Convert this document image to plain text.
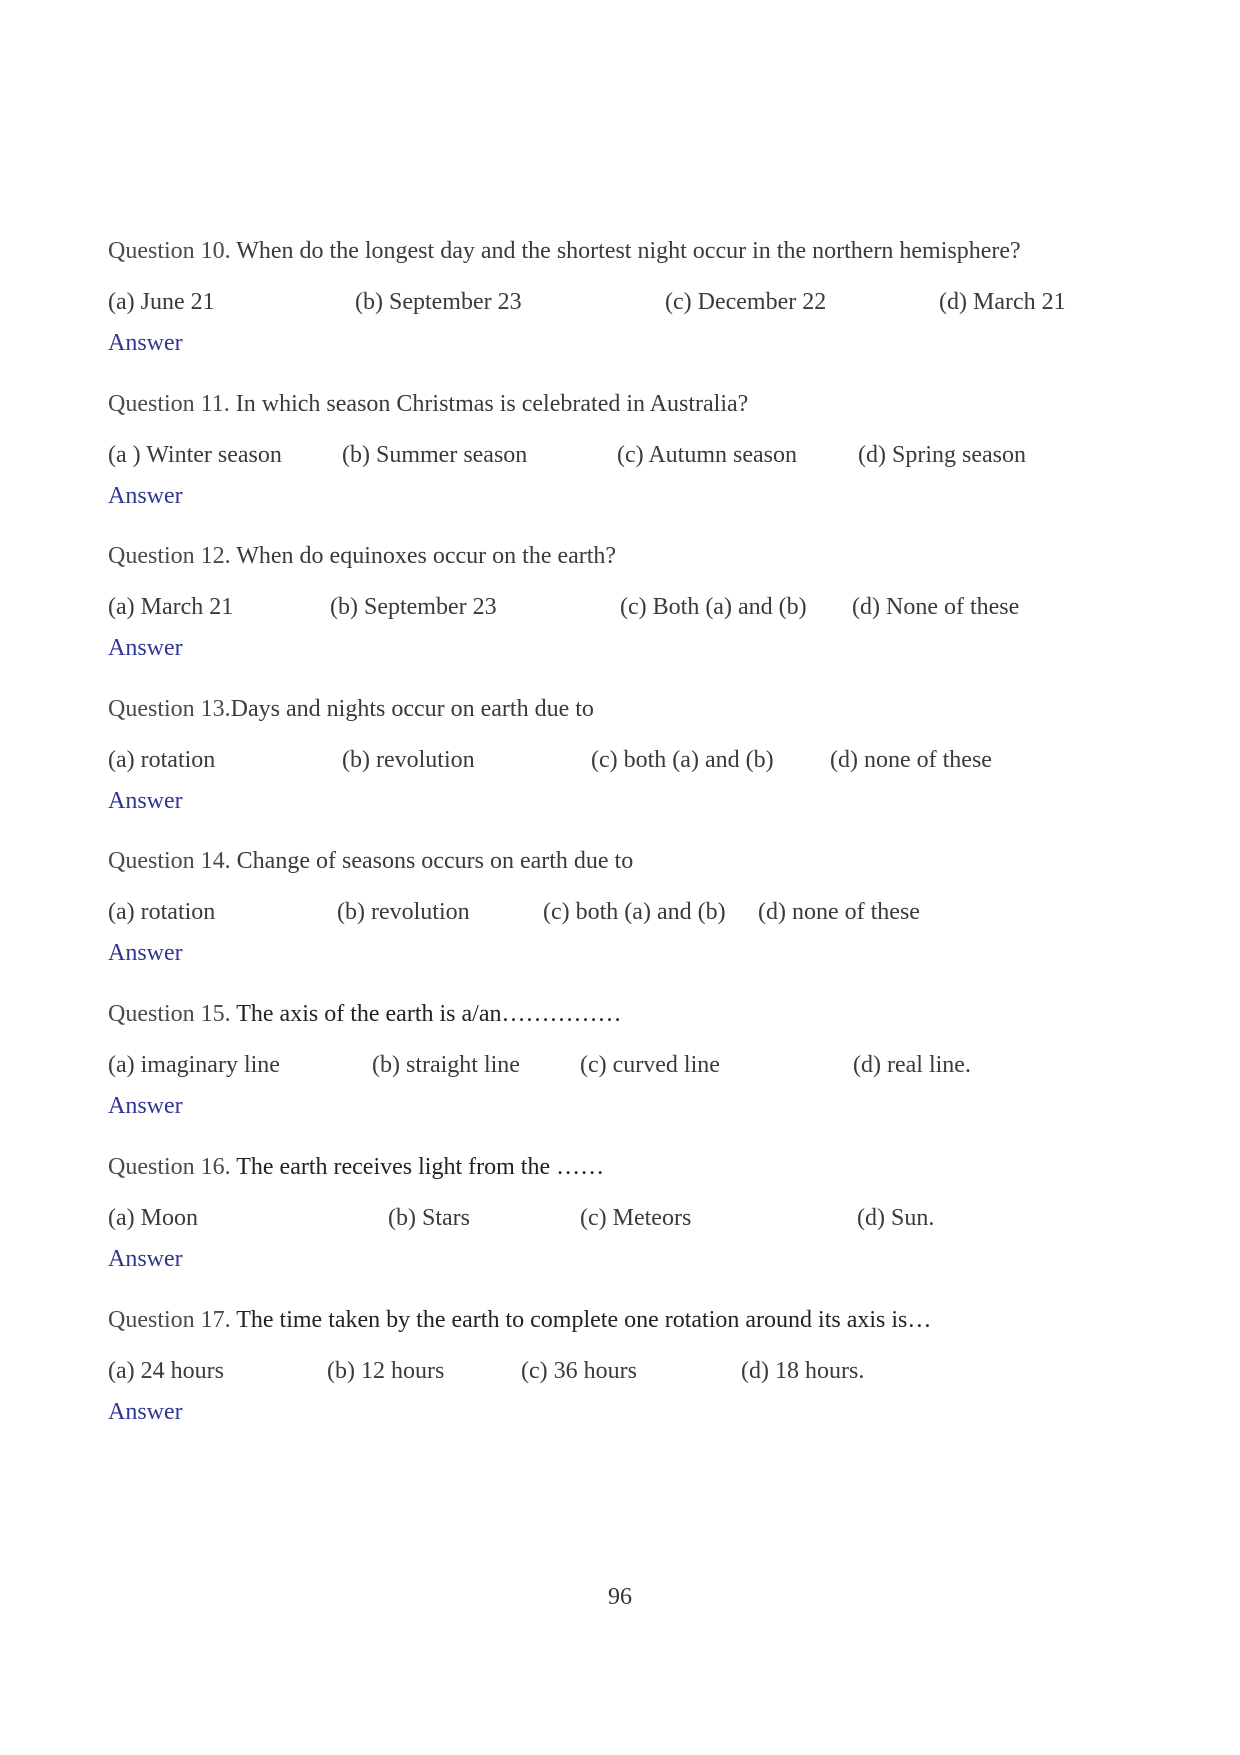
Question 10. When do the longest day and the shortest night occur in the northern hemisphere?
(a) June 21	(b) September 23	(c) December 22	(d) March 21
Answer
Question 11. In which season Christmas is celebrated in Australia?
(a ) Winter season	(b) Summer season	(c) Autumn season	(d) Spring season
Answer
Question 12. When do equinoxes occur on the earth?
(a) March 21	(b) September 23	(c) Both (a) and (b) (d) None of these
Answer
Question 13.Days and nights occur on earth due to
(a) rotation	(b) revolution	(c) both (a) and (b) (d) none of these
Answer
Question 14. Change of seasons occurs on earth due to
(a) rotation	(b) revolution	(c) both (a) and (b) (d) none of these
Answer
Question 15. The axis of the earth is a/an……………
(a) imaginary line	(b) straight line	(c) curved line	(d) real line.
Answer
Question 16. The earth receives light from the ……
(a) Moon	(b) Stars	(c) Meteors	(d) Sun.
Answer
Question 17. The time taken by the earth to complete one rotation around its axis is…
(a) 24 hours	(b) 12 hours	(c) 36 hours	(d) 18 hours.
Answer
96
